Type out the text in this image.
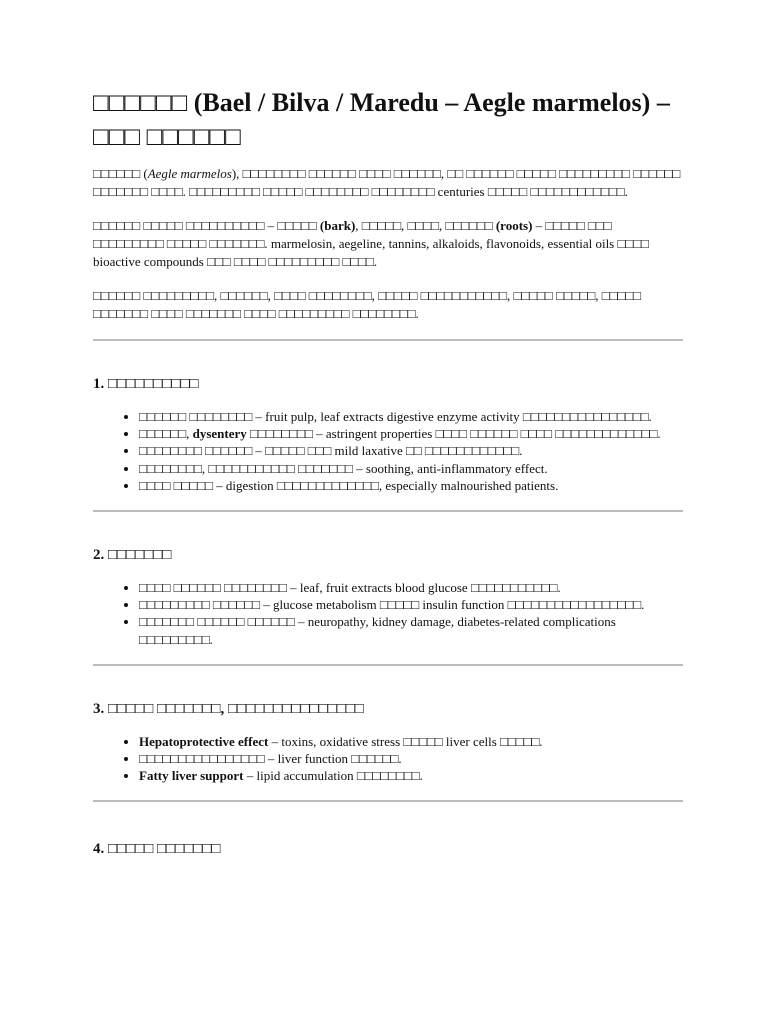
□□□□□□ (Bael / Bilva / Maredu – Aegle marmelos) – □□□ □□□□□□

□□□□□□ (Aegle marmelos), □□□□□□□□ □□□□□□ □□□□ □□□□□□, □□ □□□□□□ □□□□□ □□□□□□□□□ □□□□□□ □□□□□□□ □□□□. □□□□□□□□□ □□□□□ □□□□□□□□ □□□□□□□□ centuries □□□□□ □□□□□□□□□□□□.

□□□□□□ □□□□□ □□□□□□□□□□ – □□□□□ (bark), □□□□□, □□□□, □□□□□□ (roots) – □□□□□ □□□ □□□□□□□□□ □□□□□ □□□□□□□. marmelosin, aegeline, tannins, alkaloids, flavonoids, essential oils □□□□ bioactive compounds □□□ □□□□ □□□□□□□□□ □□□□.

□□□□□□ □□□□□□□□□, □□□□□□, □□□□ □□□□□□□□, □□□□□ □□□□□□□□□□□, □□□□□ □□□□□, □□□□□ □□□□□□□ □□□□ □□□□□□□ □□□□ □□□□□□□□□ □□□□□□□□.

1. □□□□□□□□□□
• □□□□□□ □□□□□□□□ – fruit pulp, leaf extracts digestive enzyme activity □□□□□□□□□□□□□□□□.
• □□□□□□, dysentery □□□□□□□□ – astringent properties □□□□ □□□□□□ □□□□ □□□□□□□□□□□□□.
• □□□□□□□□ □□□□□□ – □□□□□ □□□ mild laxative □□ □□□□□□□□□□□□.
• □□□□□□□□, □□□□□□□□□□□ □□□□□□□ – soothing, anti-inflammatory effect.
• □□□□ □□□□□ – digestion □□□□□□□□□□□□□, especially malnourished patients.
2. □□□□□□□
• □□□□ □□□□□□ □□□□□□□□ – leaf, fruit extracts blood glucose □□□□□□□□□□□.
• □□□□□□□□□ □□□□□□ – glucose metabolism □□□□□ insulin function □□□□□□□□□□□□□□□□□.
• □□□□□□□ □□□□□□ □□□□□□ – neuropathy, kidney damage, diabetes-related complications □□□□□□□□□.
3. □□□□□ □□□□□□□, □□□□□□□□□□□□□□□
• Hepatoprotective effect – toxins, oxidative stress □□□□□ liver cells □□□□□.
• □□□□□□□□□□□□□□□□ – liver function □□□□□□.
• Fatty liver support – lipid accumulation □□□□□□□□.
4. □□□□□ □□□□□□□
